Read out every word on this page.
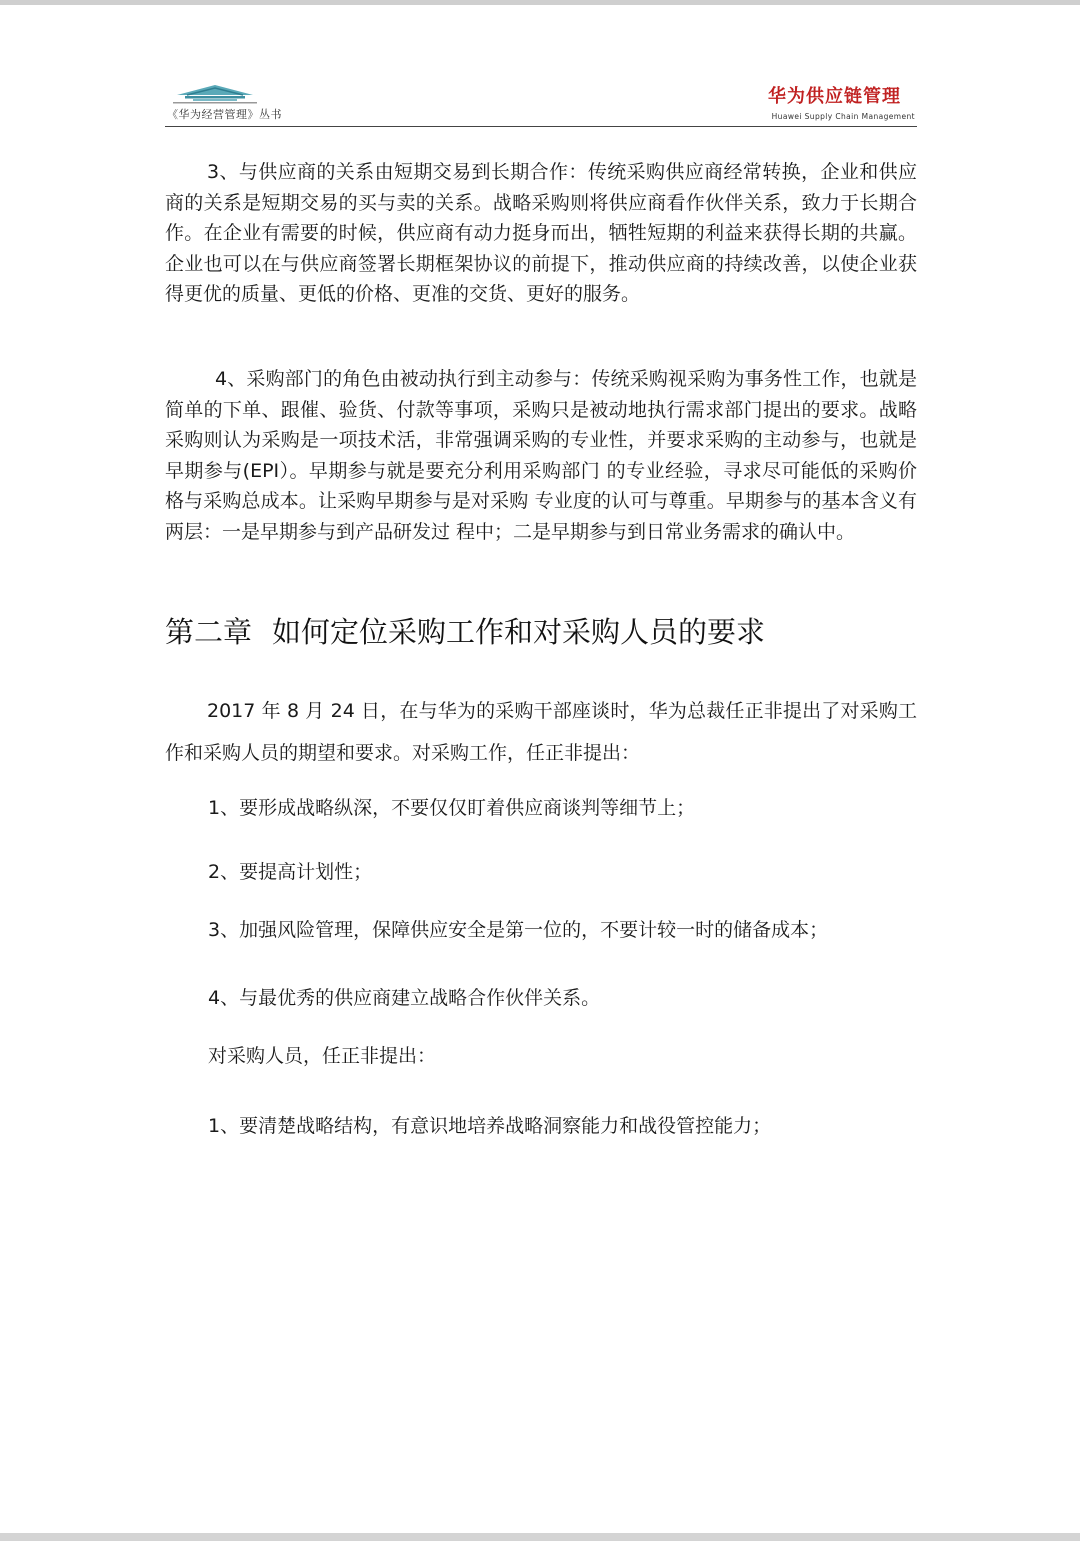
《华为经营管理》丛书
华为供应链管理
Huawei Supply Chain Management

3、与供应商的关系由短期交易到长期合作：传统采购供应商经常转换，企业和供应商的关系是短期交易的买与卖的关系。战略采购则将供应商看作伙伴关系，致力于长期合作。在企业有需要的时候，供应商有动力挺身而出，牺牲短期的利益来获得长期的共赢。企业也可以在与供应商签署长期框架协议的前提下，推动供应商的持续改善，以使企业获得更优的质量、更低的价格、更准的交货、更好的服务。

4、采购部门的角色由被动执行到主动参与：传统采购视采购为事务性工作，也就是简单的下单、跟催、验货、付款等事项，采购只是被动地执行需求部门提出的要求。战略采购则认为采购是一项技术活，非常强调采购的专业性，并要求采购的主动参与，也就是早期参与(EPI）。早期参与就是要充分利用采购部门 的专业经验，寻求尽可能低的采购价格与采购总成本。让采购早期参与是对采购 专业度的认可与尊重。早期参与的基本含义有两层：一是早期参与到产品研发过 程中；二是早期参与到日常业务需求的确认中。

第二章 如何定位采购工作和对采购人员的要求

2017 年 8 月 24 日，在与华为的采购干部座谈时，华为总裁任正非提出了对采购工作和采购人员的期望和要求。对采购工作，任正非提出：

1、要形成战略纵深，不要仅仅盯着供应商谈判等细节上；

2、要提高计划性；

3、加强风险管理，保障供应安全是第一位的，不要计较一时的储备成本；

4、与最优秀的供应商建立战略合作伙伴关系。

对采购人员，任正非提出：

1、要清楚战略结构，有意识地培养战略洞察能力和战役管控能力；
